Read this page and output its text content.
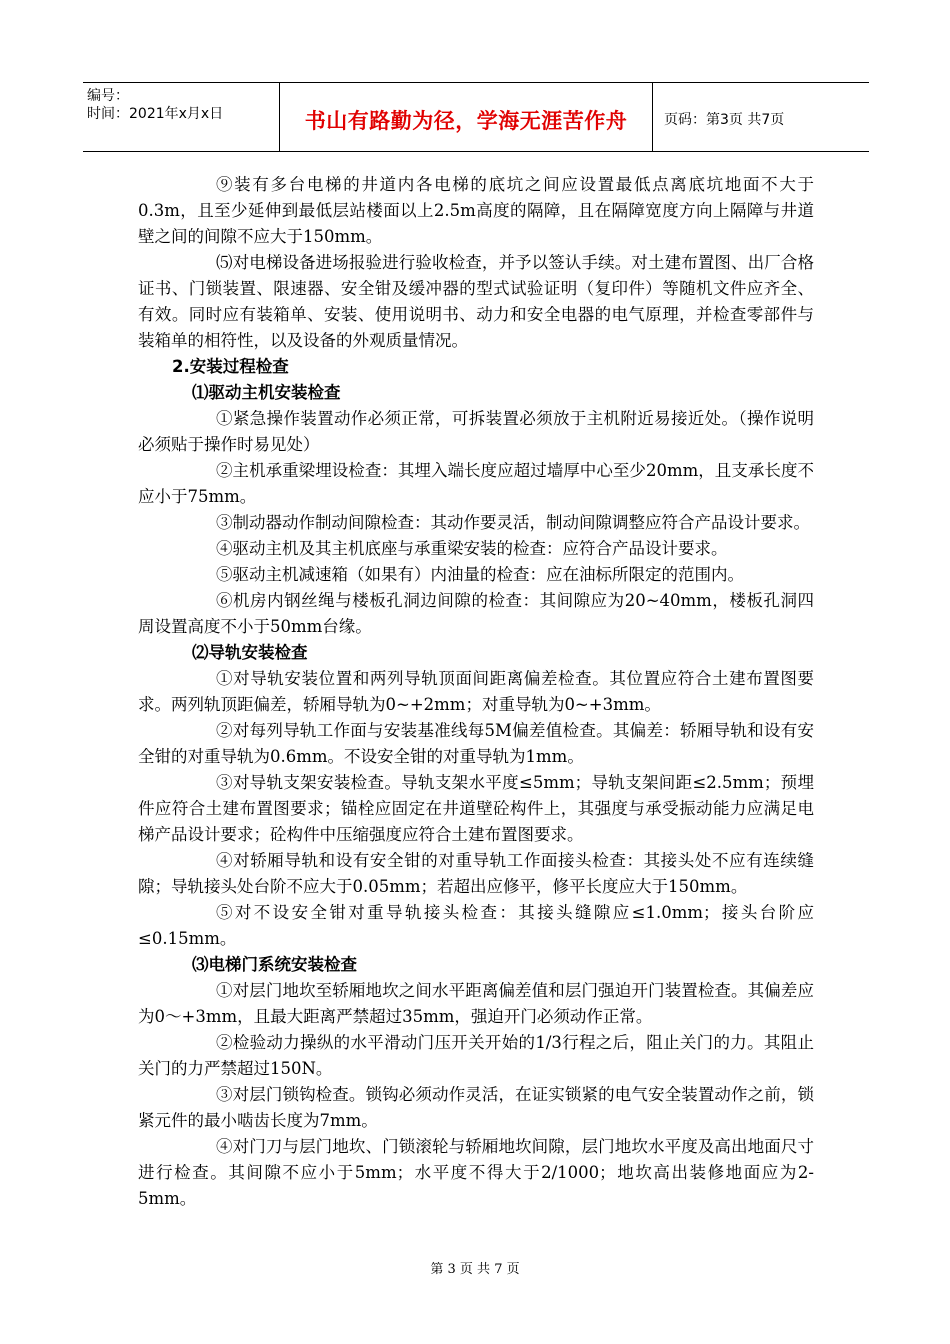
编号：
时间：2021年x月x日	书山有路勤为径，学海无涯苦作舟	页码：第3页 共7页
⑨装有多台电梯的井道内各电梯的底坑之间应设置最低点离底坑地面不大于0.3m，且至少延伸到最低层站楼面以上2.5m高度的隔障，且在隔障宽度方向上隔障与井道壁之间的间隙不应大于150mm。
⑸对电梯设备进场报验进行验收检查，并予以签认手续。对土建布置图、出厂合格证书、门锁装置、限速器、安全钳及缓冲器的型式试验证明（复印件）等随机文件应齐全、有效。同时应有装箱单、安装、使用说明书、动力和安全电器的电气原理，并检查零部件与装箱单的相符性，以及设备的外观质量情况。
2.安装过程检查
⑴驱动主机安装检查
①紧急操作装置动作必须正常，可拆装置必须放于主机附近易接近处。（操作说明必须贴于操作时易见处）
②主机承重梁埋设检查：其埋入端长度应超过墙厚中心至少20mm，且支承长度不应小于75mm。
③制动器动作制动间隙检查：其动作要灵活，制动间隙调整应符合产品设计要求。
④驱动主机及其主机底座与承重梁安装的检查：应符合产品设计要求。
⑤驱动主机减速箱（如果有）内油量的检查：应在油标所限定的范围内。
⑥机房内钢丝绳与楼板孔洞边间隙的检查：其间隙应为20~40mm，楼板孔洞四周设置高度不小于50mm台缘。
⑵导轨安装检查
①对导轨安装位置和两列导轨顶面间距离偏差检查。其位置应符合土建布置图要求。两列轨顶距偏差，轿厢导轨为0~+2mm；对重导轨为0~+3mm。
②对每列导轨工作面与安装基准线每5M偏差值检查。其偏差：轿厢导轨和设有安全钳的对重导轨为0.6mm。不设安全钳的对重导轨为1mm。
③对导轨支架安装检查。导轨支架水平度≤5mm；导轨支架间距≤2.5mm；预埋件应符合土建布置图要求；锚栓应固定在井道壁砼构件上，其强度与承受振动能力应满足电梯产品设计要求；砼构件中压缩强度应符合土建布置图要求。
④对轿厢导轨和设有安全钳的对重导轨工作面接头检查：其接头处不应有连续缝隙；导轨接头处台阶不应大于0.05mm；若超出应修平，修平长度应大于150mm。
⑤对不设安全钳对重导轨接头检查：其接头缝隙应≤1.0mm；接头台阶应≤0.15mm。
⑶电梯门系统安装检查
①对层门地坎至轿厢地坎之间水平距离偏差值和层门强迫开门装置检查。其偏差应为0～+3mm，且最大距离严禁超过35mm，强迫开门必须动作正常。
②检验动力操纵的水平滑动门压开关开始的1/3行程之后，阻止关门的力。其阻止关门的力严禁超过150N。
③对层门锁钩检查。锁钩必须动作灵活，在证实锁紧的电气安全装置动作之前，锁紧元件的最小啮齿长度为7mm。
④对门刀与层门地坎、门锁滚轮与轿厢地坎间隙，层门地坎水平度及高出地面尺寸进行检查。其间隙不应小于5mm；水平度不得大于2/1000；地坎高出装修地面应为2-5mm。
第 3 页 共 7 页
